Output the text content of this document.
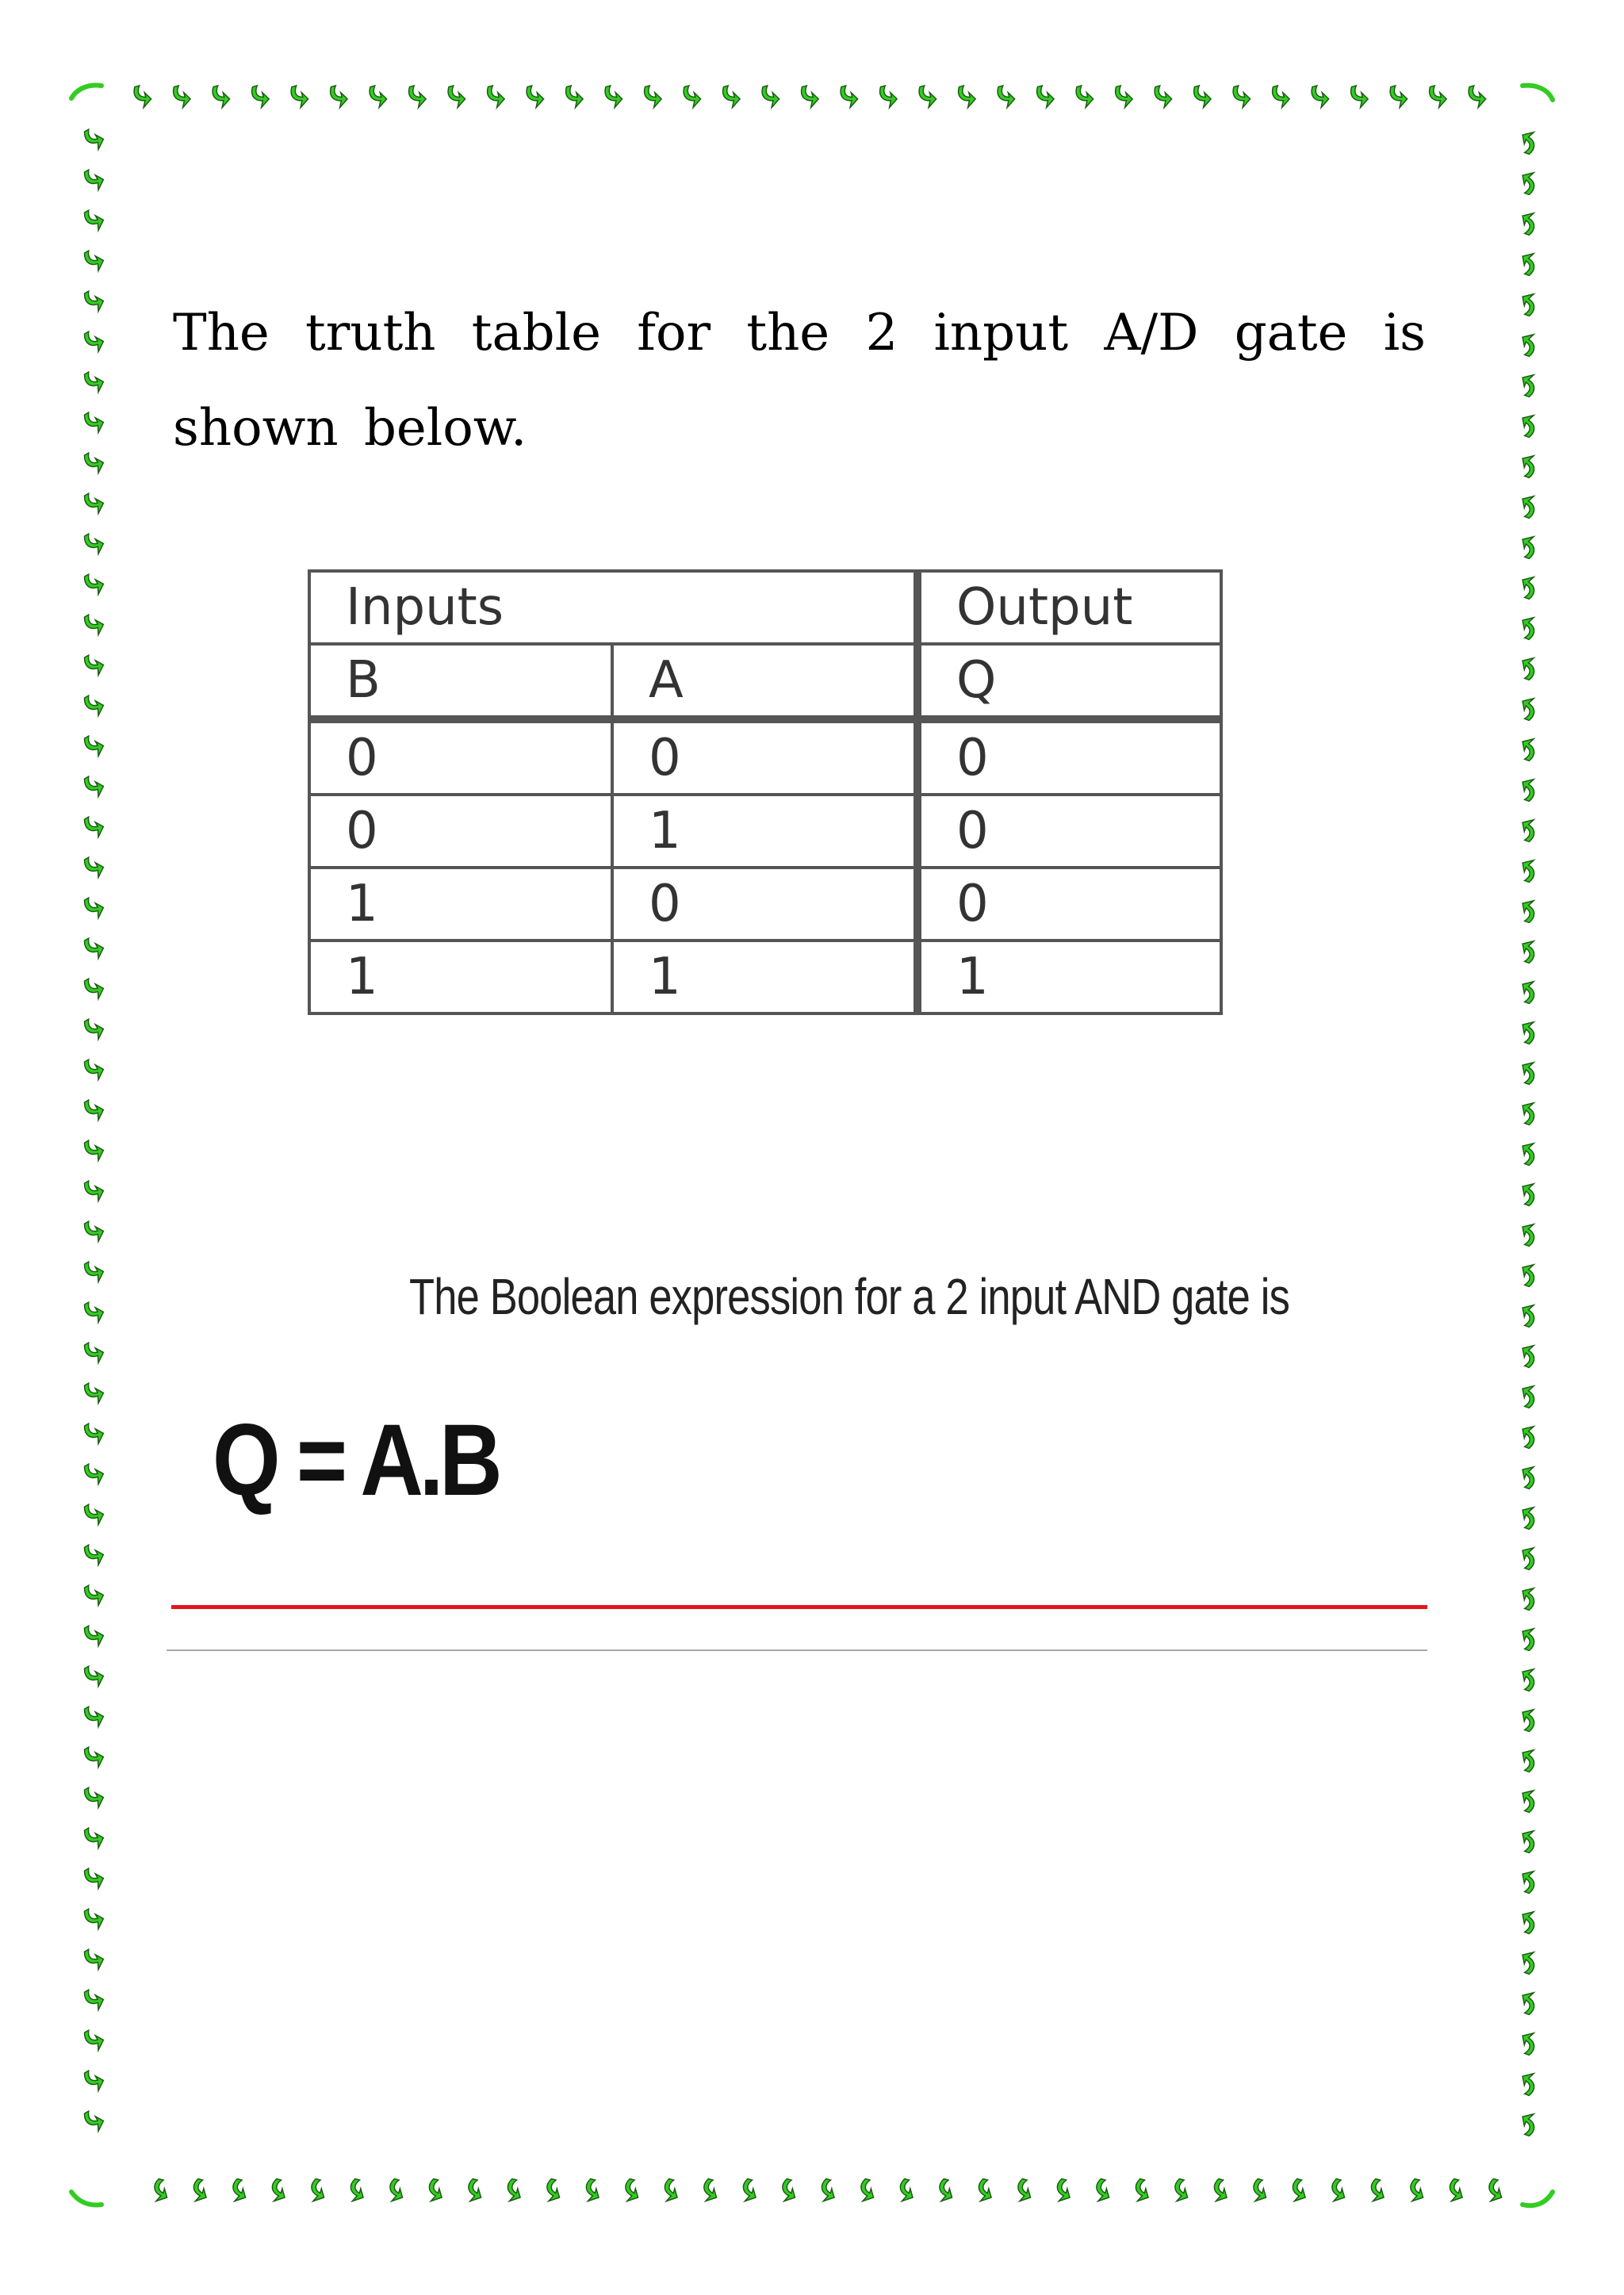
The truth table for the 2 input A/D gate is shown below.
Inputs		Output
B	A	Q
0	0	0
0	1	0
1	0	0
1	1	1
The Boolean expression for a 2 input AND gate is
Q = A.B
